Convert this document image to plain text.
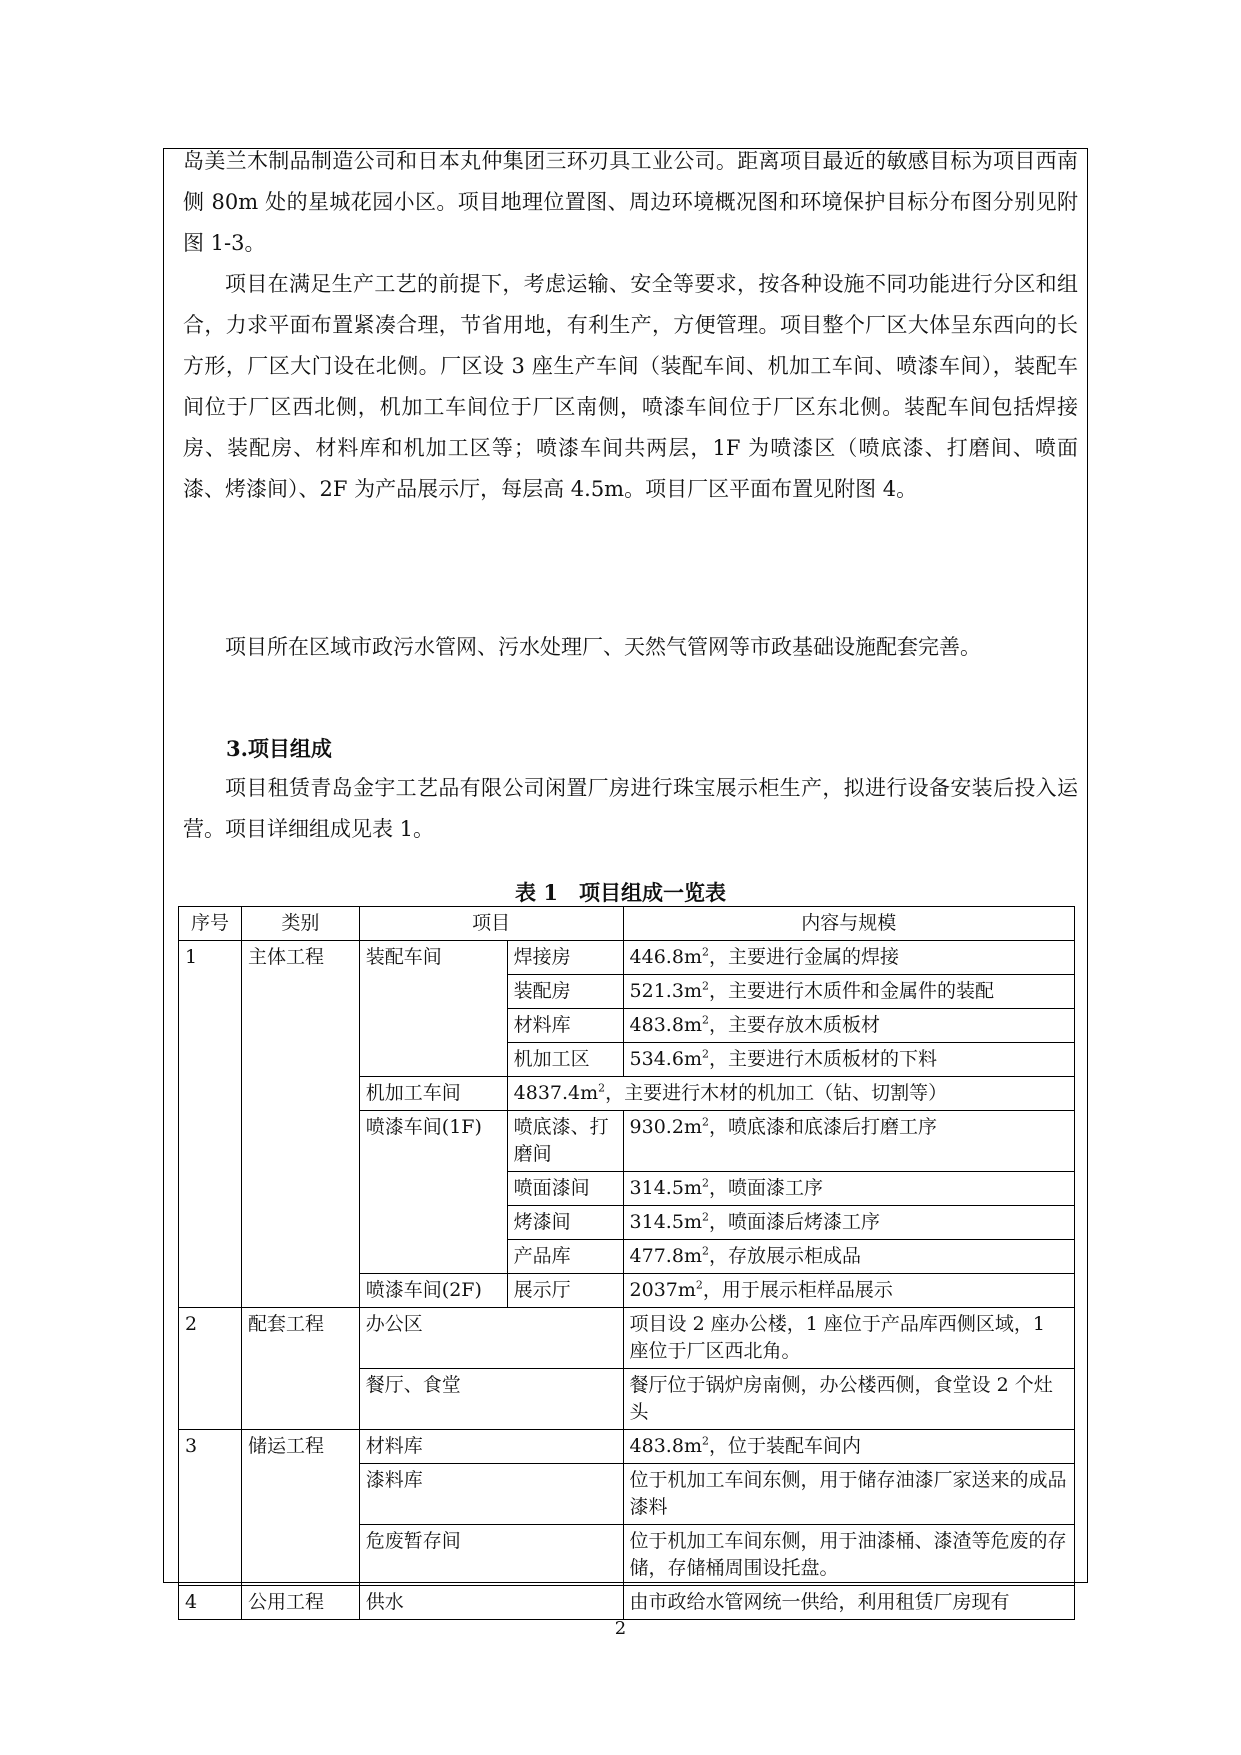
岛美兰木制品制造公司和日本丸仲集团三环刃具工业公司。距离项目最近的敏感目标为项目西南侧 80m 处的星城花园小区。项目地理位置图、周边环境概况图和环境保护目标分布图分别见附图 1-3。
项目在满足生产工艺的前提下，考虑运输、安全等要求，按各种设施不同功能进行分区和组合，力求平面布置紧凑合理，节省用地，有利生产，方便管理。项目整个厂区大体呈东西向的长方形，厂区大门设在北侧。厂区设 3 座生产车间（装配车间、机加工车间、喷漆车间），装配车间位于厂区西北侧，机加工车间位于厂区南侧，喷漆车间位于厂区东北侧。装配车间包括焊接房、装配房、材料库和机加工区等；喷漆车间共两层，1F 为喷漆区（喷底漆、打磨间、喷面漆、烤漆间）、2F 为产品展示厅，每层高 4.5m。项目厂区平面布置见附图 4。
项目所在区域市政污水管网、污水处理厂、天然气管网等市政基础设施配套完善。
3.项目组成
项目租赁青岛金宇工艺品有限公司闲置厂房进行珠宝展示柜生产，拟进行设备安装后投入运营。项目详细组成见表 1。
表 1　项目组成一览表
序号	类别	项目		内容与规模
1	主体工程	装配车间	焊接房	$446.8m^2$，主要进行金属的焊接
			装配房	$521.3m^2$，主要进行木质件和金属件的装配
			材料库	$483.8m^2$，主要存放木质板材
			机加工区	$534.6m^2$，主要进行木质板材的下料
		机加工车间	$4837.4m^2$，主要进行木材的机加工（钻、切割等）	
		喷漆车间(1F)	喷底漆、打磨间	$930.2m^2$，喷底漆和底漆后打磨工序
			喷面漆间	$314.5m^2$，喷面漆工序
			烤漆间	$314.5m^2$，喷面漆后烤漆工序
			产品库	$477.8m^2$，存放展示柜成品
		喷漆车间(2F)	展示厅	$2037m^2$，用于展示柜样品展示
2	配套工程	办公区		项目设 2 座办公楼，1 座位于产品库西侧区域，1 座位于厂区西北角。
		餐厅、食堂		餐厅位于锅炉房南侧，办公楼西侧，食堂设 2 个灶头
3	储运工程	材料库		$483.8m^2$，位于装配车间内
		漆料库		位于机加工车间东侧，用于储存油漆厂家送来的成品漆料
		危废暂存间		位于机加工车间东侧，用于油漆桶、漆渣等危废的存储，存储桶周围设托盘。
4	公用工程	供水		由市政给水管网统一供给，利用租赁厂房现有
2
